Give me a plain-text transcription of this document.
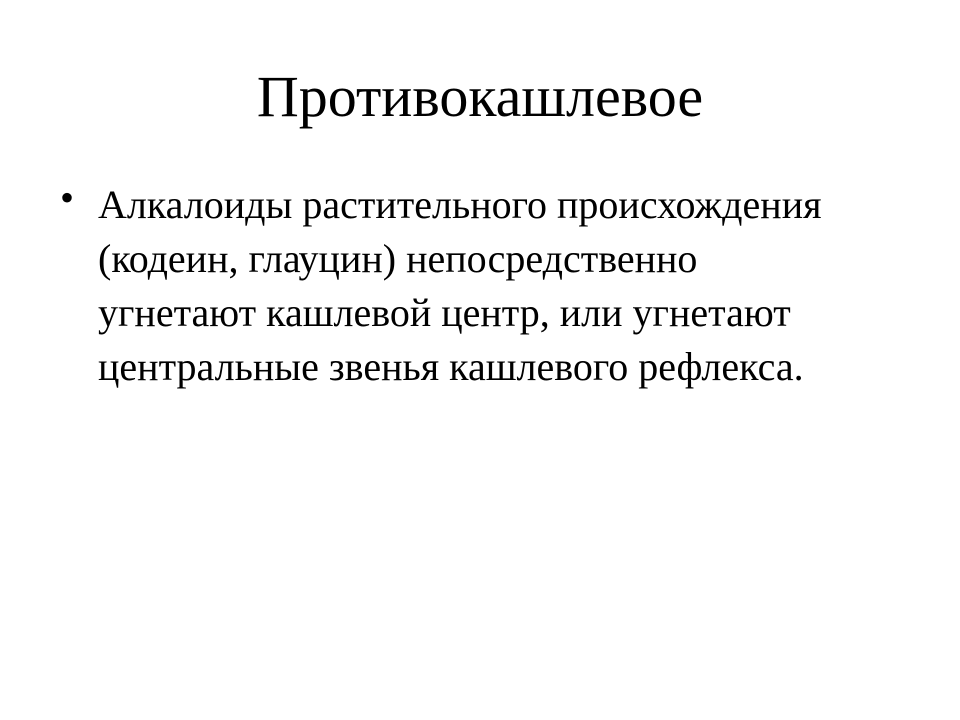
Противокашлевое
• Алкалоиды растительного происхождения
(кодеин, глауцин) непосредственно
угнетают кашлевой центр, или угнетают
центральные звенья кашлевого рефлекса.
